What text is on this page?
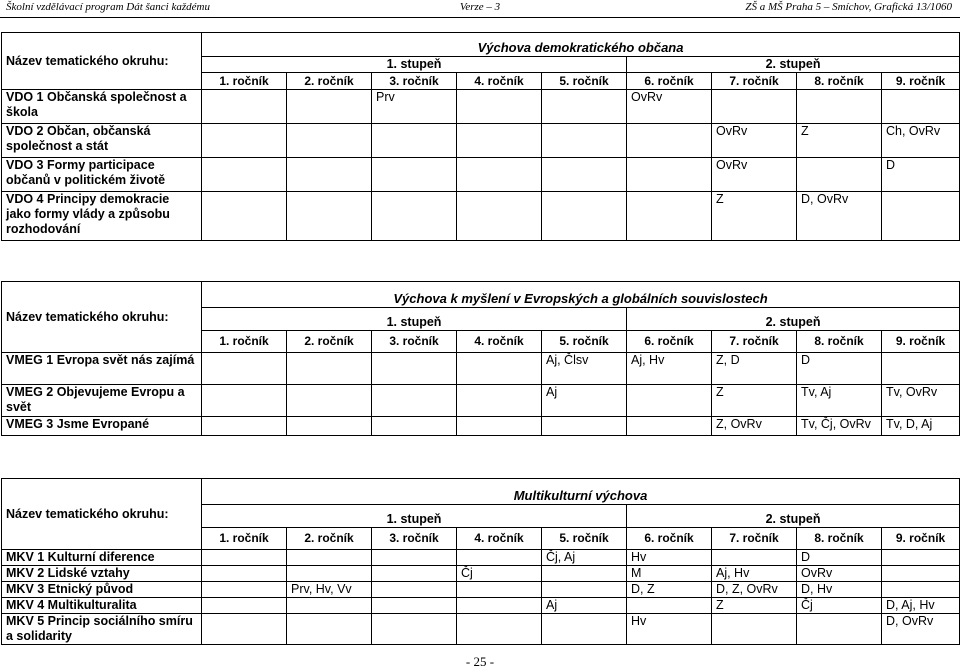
Školní vzdělávací program Dát šanci každému	Verze – 3	ZŠ a MŠ Praha 5 – Smíchov, Grafická 13/1060
Název tematického okruhu:	Výchova demokratického občana								
	1. stupeň					2. stupeň			
	1. ročník	2. ročník	3. ročník	4. ročník	5. ročník	6. ročník	7. ročník	8. ročník	9. ročník
VDO 1 Občanská společnost a škola			Prv			OvRv			
VDO 2 Občan, občanská společnost a stát							OvRv	Z	Ch, OvRv
VDO 3 Formy participace občanů v politickém životě							OvRv		D
VDO 4 Principy demokracie jako formy vlády a způsobu rozhodování							Z	D, OvRv	
Název tematického okruhu:	Výchova k myšlení v Evropských a globálních souvislostech								
	1. stupeň					2. stupeň			
	1. ročník	2. ročník	3. ročník	4. ročník	5. ročník	6. ročník	7. ročník	8. ročník	9. ročník
VMEG 1 Evropa svět nás zajímá					Aj, Člsv	Aj, Hv	Z, D	D	
VMEG 2 Objevujeme Evropu a svět					Aj		Z	Tv, Aj	Tv, OvRv
VMEG 3 Jsme Evropané							Z, OvRv	Tv, Čj, OvRv	Tv, D, Aj
Název tematického okruhu:	Multikulturní výchova								
	1. stupeň					2. stupeň			
	1. ročník	2. ročník	3. ročník	4. ročník	5. ročník	6. ročník	7. ročník	8. ročník	9. ročník
MKV 1 Kulturní diference					Čj, Aj	Hv		D	
MKV 2 Lidské vztahy				Čj		M	Aj, Hv	OvRv	
MKV 3 Etnický původ		Prv, Hv, Vv				D, Z	D, Z, OvRv	D, Hv	
MKV 4 Multikulturalita					Aj		Z	Čj	D, Aj, Hv
MKV 5 Princip sociálního smíru a solidarity						Hv			D, OvRv
- 25 -
